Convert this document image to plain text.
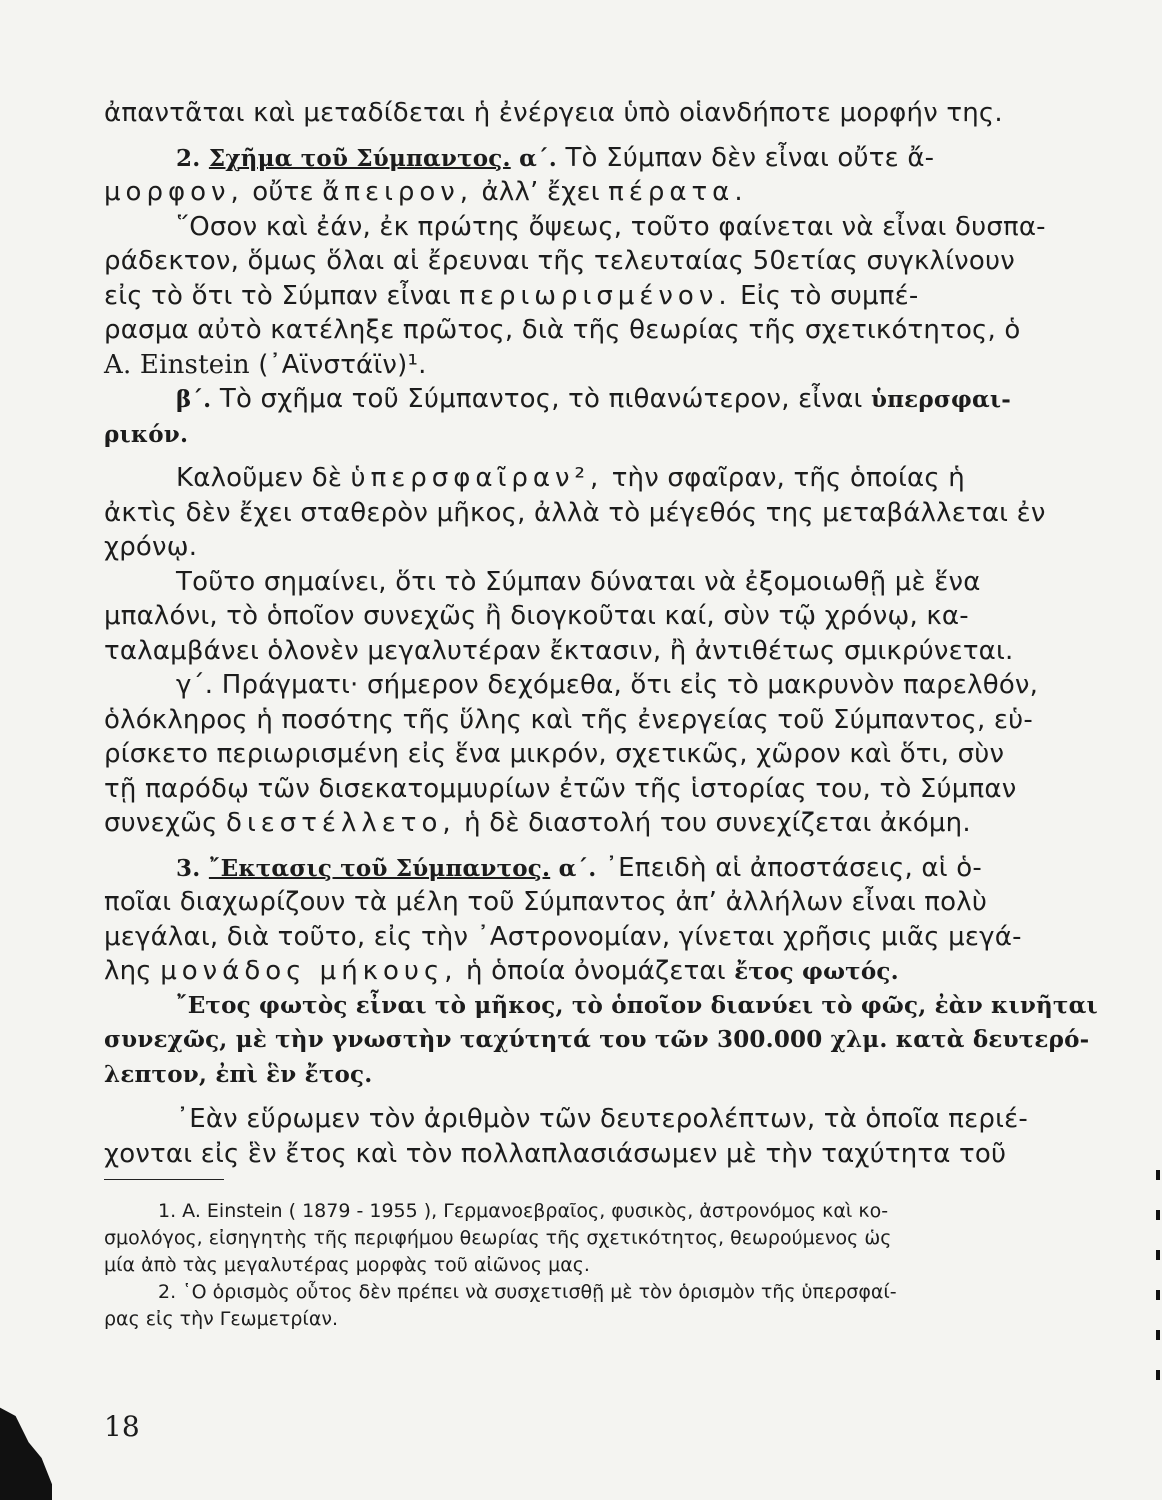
ἀπαντᾶται καὶ μεταδίδεται ἡ ἐνέργεια ὑπὸ οἱανδήποτε μορφήν της.
2. Σχῆμα τοῦ Σύμπαντος. α΄. Τὸ Σύμπαν δὲν εἶναι οὔτε ἄ-
μορφον, οὔτε ἄπειρον, ἀλλ’ ἔχει πέρατα.
῞Οσον καὶ ἐάν, ἐκ πρώτης ὄψεως, τοῦτο φαίνεται νὰ εἶναι δυσπα-
ράδεκτον, ὅμως ὅλαι αἱ ἔρευναι τῆς τελευταίας 50ετίας συγκλίνουν
εἰς τὸ ὅτι τὸ Σύμπαν εἶναι περιωρισμένον. Εἰς τὸ συμπέ-
ρασμα αὐτὸ κατέληξε πρῶτος, διὰ τῆς θεωρίας τῆς σχετικότητος, ὁ
A. Einstein (᾿Αϊνστάϊν)¹.
β΄. Τὸ σχῆμα τοῦ Σύμπαντος, τὸ πιθανώτερον, εἶναι ὑπερσφαι-
ρικόν.
Καλοῦμεν δὲ ὑπερσφαῖραν², τὴν σφαῖραν, τῆς ὁποίας ἡ
ἀκτὶς δὲν ἔχει σταθερὸν μῆκος, ἀλλὰ τὸ μέγεθός της μεταβάλλεται ἐν
χρόνῳ.
Τοῦτο σημαίνει, ὅτι τὸ Σύμπαν δύναται νὰ ἐξομοιωθῇ μὲ ἕνα
μπαλόνι, τὸ ὁποῖον συνεχῶς ἢ διογκοῦται καί, σὺν τῷ χρόνῳ, κα-
ταλαμβάνει ὁλονὲν μεγαλυτέραν ἔκτασιν, ἢ ἀντιθέτως σμικρύνεται.
γ΄. Πράγματι· σήμερον δεχόμεθα, ὅτι εἰς τὸ μακρυνὸν παρελθόν,
ὁλόκληρος ἡ ποσότης τῆς ὕλης καὶ τῆς ἐνεργείας τοῦ Σύμπαντος, εὑ-
ρίσκετο περιωρισμένη εἰς ἕνα μικρόν, σχετικῶς, χῶρον καὶ ὅτι, σὺν
τῇ παρόδῳ τῶν δισεκατομμυρίων ἐτῶν τῆς ἱστορίας του, τὸ Σύμπαν
συνεχῶς διεστέλλετο, ἡ δὲ διαστολή του συνεχίζεται ἀκόμη.
3. ῎Εκτασις τοῦ Σύμπαντος. α΄. ᾿Επειδὴ αἱ ἀποστάσεις, αἱ ὁ-
ποῖαι διαχωρίζουν τὰ μέλη τοῦ Σύμπαντος ἀπ’ ἀλλήλων εἶναι πολὺ
μεγάλαι, διὰ τοῦτο, εἰς τὴν ᾿Αστρονομίαν, γίνεται χρῆσις μιᾶς μεγά-
λης μονάδος μήκους, ἡ ὁποία ὀνομάζεται ἔτος φωτός.
῎Ετος φωτὸς εἶναι τὸ μῆκος, τὸ ὁποῖον διανύει τὸ φῶς, ἐὰν κινῆται
συνεχῶς, μὲ τὴν γνωστὴν ταχύτητά του τῶν 300.000 χλμ. κατὰ δευτερό-
λεπτον, ἐπὶ ἓν ἔτος.
᾿Εὰν εὕρωμεν τὸν ἀριθμὸν τῶν δευτερολέπτων, τὰ ὁποῖα περιέ-
χονται εἰς ἓν ἔτος καὶ τὸν πολλαπλασιάσωμεν μὲ τὴν ταχύτητα τοῦ
1. A. Einstein ( 1879 - 1955 ), Γερμανοεβραῖος, φυσικὸς, ἀστρονόμος καὶ κο-
σμολόγος, εἰσηγητὴς τῆς περιφήμου θεωρίας τῆς σχετικότητος, θεωρούμενος ὡς
μία ἀπὸ τὰς μεγαλυτέρας μορφὰς τοῦ αἰῶνος μας.
2. ῾Ο ὁρισμὸς οὗτος δὲν πρέπει νὰ συσχετισθῇ μὲ τὸν ὁρισμὸν τῆς ὑπερσφαί-
ρας εἰς τὴν Γεωμετρίαν.
18
